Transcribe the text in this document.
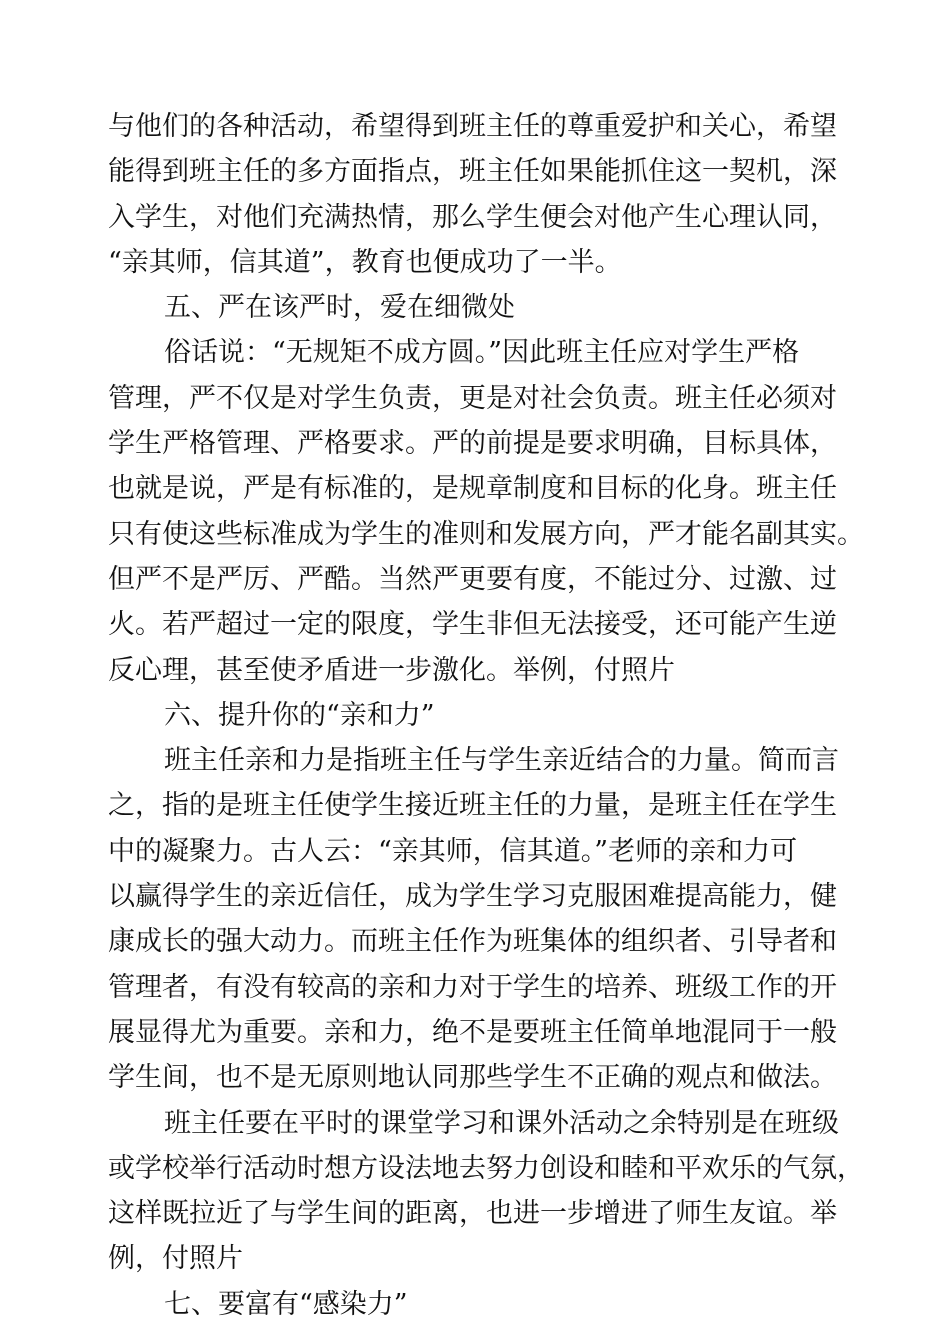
与他们的各种活动，希望得到班主任的尊重爱护和关心，希望
能得到班主任的多方面指点，班主任如果能抓住这一契机，深
入学生，对他们充满热情，那么学生便会对他产生心理认同，
“亲其师，信其道”，教育也便成功了一半。
五、严在该严时，爱在细微处
俗话说：“无规矩不成方圆。”因此班主任应对学生严格
管理，严不仅是对学生负责，更是对社会负责。班主任必须对
学生严格管理、严格要求。严的前提是要求明确，目标具体，
也就是说，严是有标准的，是规章制度和目标的化身。班主任
只有使这些标准成为学生的准则和发展方向，严才能名副其实。
但严不是严厉、严酷。当然严更要有度，不能过分、过激、过
火。若严超过一定的限度，学生非但无法接受，还可能产生逆
反心理，甚至使矛盾进一步激化。举例，付照片
六、提升你的“亲和力”
班主任亲和力是指班主任与学生亲近结合的力量。简而言
之，指的是班主任使学生接近班主任的力量，是班主任在学生
中的凝聚力。古人云：“亲其师，信其道。”老师的亲和力可
以赢得学生的亲近信任，成为学生学习克服困难提高能力，健
康成长的强大动力。而班主任作为班集体的组织者、引导者和
管理者，有没有较高的亲和力对于学生的培养、班级工作的开
展显得尤为重要。亲和力，绝不是要班主任简单地混同于一般
学生间，也不是无原则地认同那些学生不正确的观点和做法。
班主任要在平时的课堂学习和课外活动之余特别是在班级
或学校举行活动时想方设法地去努力创设和睦和平欢乐的气氛，
这样既拉近了与学生间的距离，也进一步增进了师生友谊。举
例，付照片
七、要富有“感染力”
